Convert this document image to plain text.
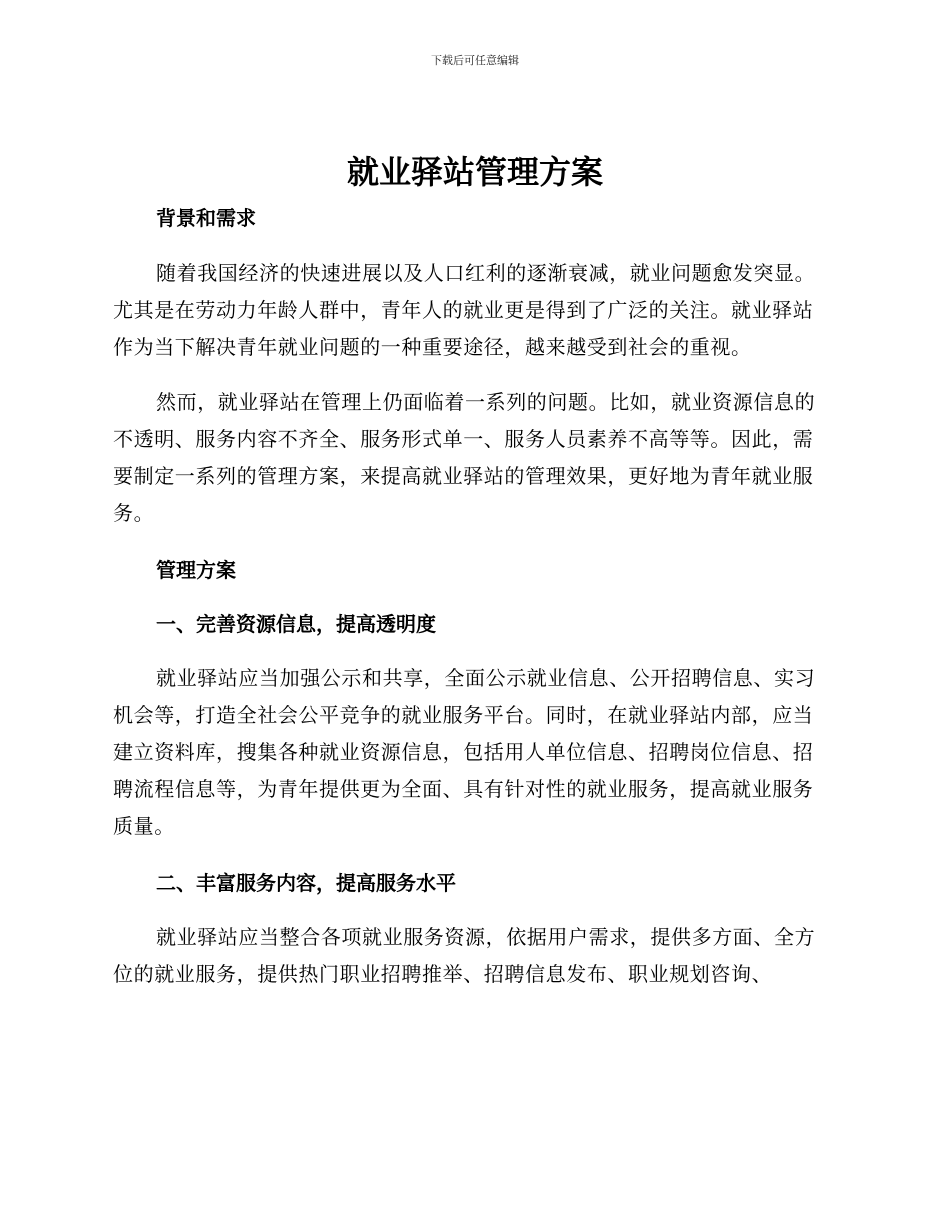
下载后可任意编辑
就业驿站管理方案
背景和需求

随着我国经济的快速进展以及人口红利的逐渐衰减，就业问题愈发突显。尤其是在劳动力年龄人群中，青年人的就业更是得到了广泛的关注。就业驿站作为当下解决青年就业问题的一种重要途径，越来越受到社会的重视。

然而，就业驿站在管理上仍面临着一系列的问题。比如，就业资源信息的不透明、服务内容不齐全、服务形式单一、服务人员素养不高等等。因此，需要制定一系列的管理方案，来提高就业驿站的管理效果，更好地为青年就业服务。

管理方案
一、完善资源信息，提高透明度

就业驿站应当加强公示和共享，全面公示就业信息、公开招聘信息、实习机会等，打造全社会公平竞争的就业服务平台。同时，在就业驿站内部，应当建立资料库，搜集各种就业资源信息，包括用人单位信息、招聘岗位信息、招聘流程信息等，为青年提供更为全面、具有针对性的就业服务，提高就业服务质量。

二、丰富服务内容，提高服务水平

就业驿站应当整合各项就业服务资源，依据用户需求，提供多方面、全方位的就业服务，提供热门职业招聘推举、招聘信息发布、职业规划咨询、
